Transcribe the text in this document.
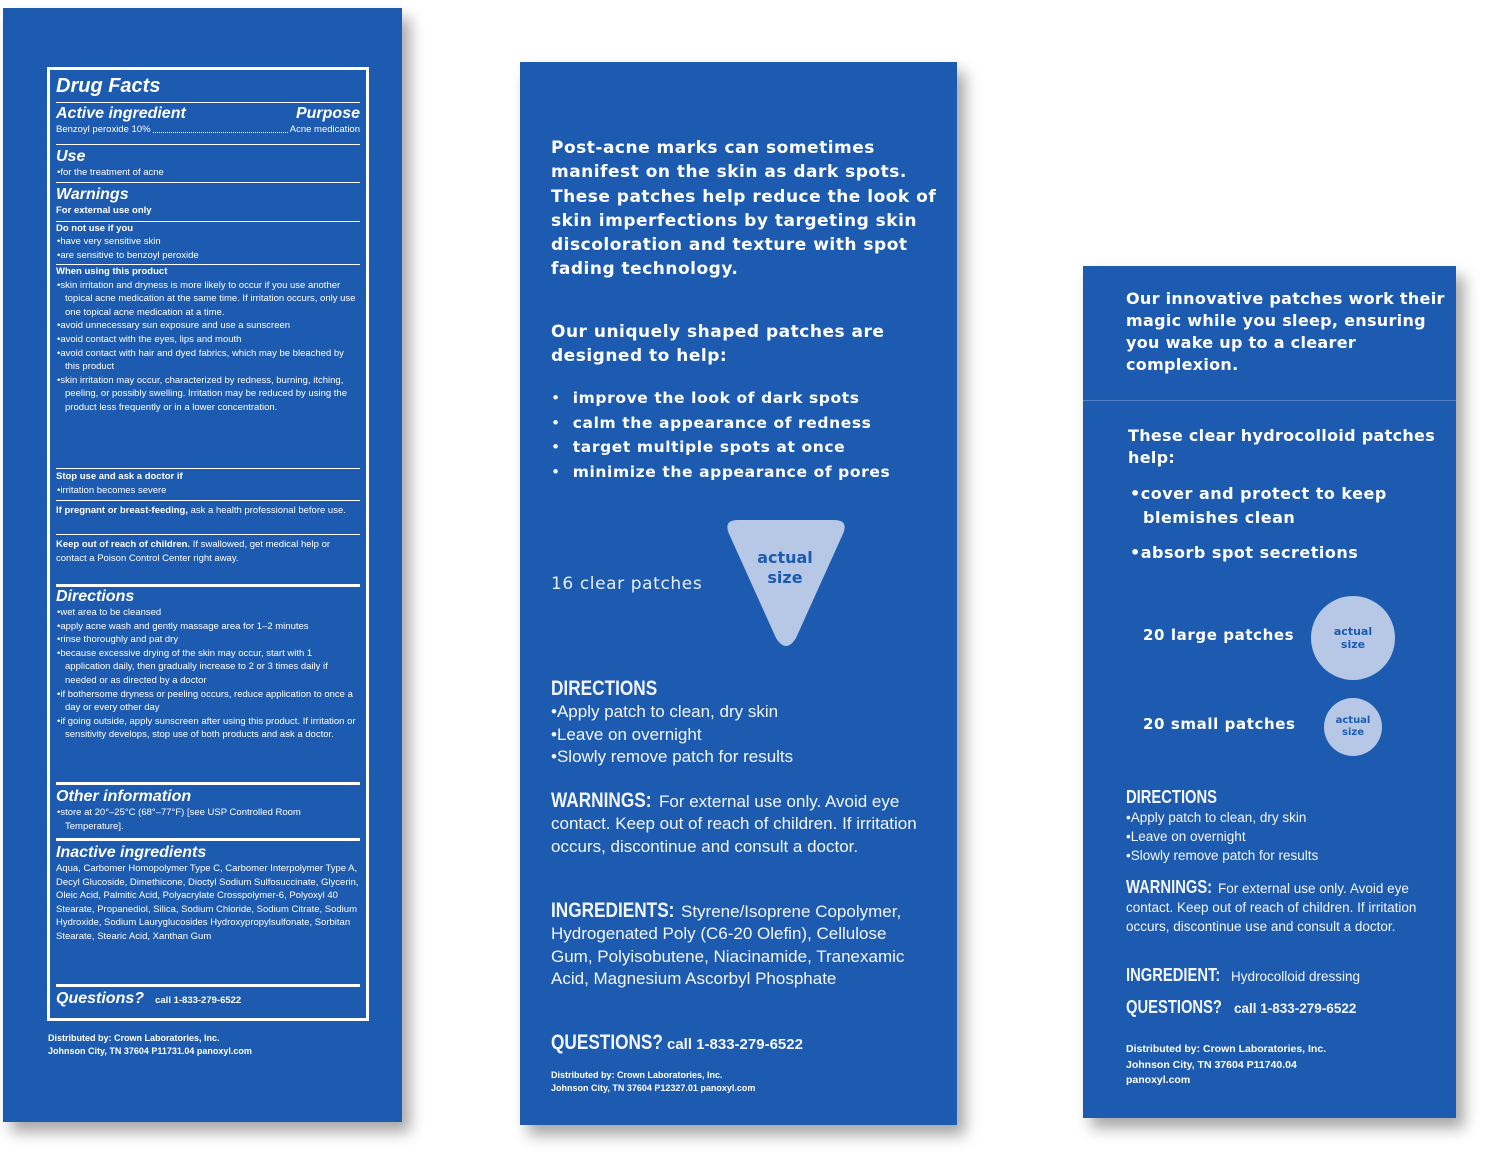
Drug Facts
Active ingredient	Purpose
Benzoyl peroxide 10%	Acne medication
Use
• for the treatment of acne
Warnings
For external use only
Do not use if you
• have very sensitive skin
• are sensitive to benzoyl peroxide
When using this product
• skin irritation and dryness is more likely to occur if you use another topical acne medication at the same time. If irritation occurs, only use one topical acne medication at a time.
• avoid unnecessary sun exposure and use a sunscreen
• avoid contact with the eyes, lips and mouth
• avoid contact with hair and dyed fabrics, which may be bleached by this product
• skin irritation may occur, characterized by redness, burning, itching, peeling, or possibly swelling. Irritation may be reduced by using the product less frequently or in a lower concentration.
Stop use and ask a doctor if
• irritation becomes severe

If pregnant or breast-feeding, ask a health professional before use.

Keep out of reach of children. If swallowed, get medical help or contact a Poison Control Center right away.

Directions
• wet area to be cleansed
• apply acne wash and gently massage area for 1–2 minutes
• rinse thoroughly and pat dry
• because excessive drying of the skin may occur, start with 1 application daily, then gradually increase to 2 or 3 times daily if needed or as directed by a doctor
• if bothersome dryness or peeling occurs, reduce application to once a day or every other day
• if going outside, apply sunscreen after using this product. If irritation or sensitivity develops, stop use of both products and ask a doctor.
Other information
• store at 20°–25°C (68°–77°F) [see USP Controlled Room Temperature].
Inactive ingredients

Aqua, Carbomer Homopolymer Type C, Carbomer Interpolymer Type A, Decyl Glucoside, Dimethicone, Dioctyl Sodium Sulfosuccinate, Glycerin, Oleic Acid, Palmitic Acid, Polyacrylate Crosspolymer-6, Polyoxyl 40 Stearate, Propanediol, Silica, Sodium Chloride, Sodium Citrate, Sodium Hydroxide, Sodium Lauryglucosides Hydroxypropylsulfonate, Sorbitan Stearate, Stearic Acid, Xanthan Gum

Questions? call 1-833-279-6522
Distributed by: Crown Laboratories, Inc.
Johnson City, TN 37604 P11731.04 panoxyl.com
Post-acne marks can sometimes manifest on the skin as dark spots. These patches help reduce the look of skin imperfections by targeting skin discoloration and texture with spot fading technology.
Our uniquely shaped patches are designed to help:
• improve the look of dark spots
• calm the appearance of redness
• target multiple spots at once
• minimize the appearance of pores
16 clear patches
actual size
DIRECTIONS
• Apply patch to clean, dry skin
• Leave on overnight
• Slowly remove patch for results
WARNINGS: For external use only. Avoid eye contact. Keep out of reach of children. If irritation occurs, discontinue and consult a doctor.
INGREDIENTS: Styrene/Isoprene Copolymer, Hydrogenated Poly (C6-20 Olefin), Cellulose Gum, Polyisobutene, Niacinamide, Tranexamic Acid, Magnesium Ascorbyl Phosphate
QUESTIONS? call 1-833-279-6522
Distributed by: Crown Laboratories, Inc.
Johnson City, TN 37604 P12327.01 panoxyl.com
Our innovative patches work their magic while you sleep, ensuring you wake up to a clearer complexion.
These clear hydrocolloid patches help:
• cover and protect to keep blemishes clean
• absorb spot secretions
20 large patches	actual size
20 small patches	actual size
DIRECTIONS
• Apply patch to clean, dry skin
• Leave on overnight
• Slowly remove patch for results
WARNINGS: For external use only. Avoid eye contact. Keep out of reach of children. If irritation occurs, discontinue use and consult a doctor.
INGREDIENT: Hydrocolloid dressing
QUESTIONS? call 1-833-279-6522
Distributed by: Crown Laboratories, Inc.
Johnson City, TN 37604 P11740.04
panoxyl.com
